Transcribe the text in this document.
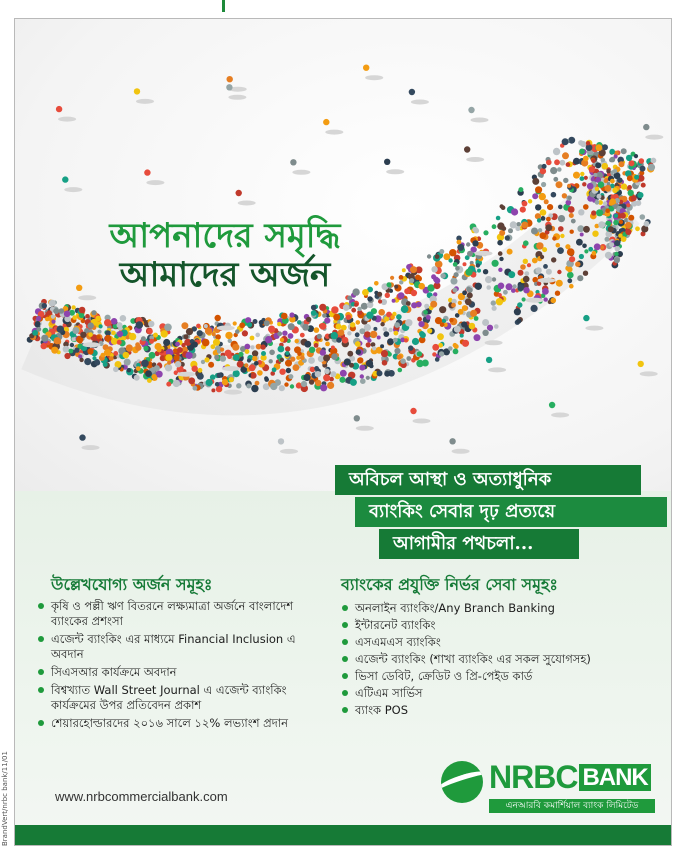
আপনাদের সমৃদ্ধি
আমাদের অর্জন
অবিচল আস্থা ও অত্যাধুনিক
ব্যাংকিং সেবার দৃঢ় প্রত্যয়ে
আগামীর পথচলা...
উল্লেখযোগ্য অর্জন সমূহঃ
কৃষি ও পল্লী ঋণ বিতরনে লক্ষ্যমাত্রা অর্জনে বাংলাদেশ ব্যাংকের প্রশংসা
এজেন্ট ব্যাংকিং এর মাধ্যমে Financial Inclusion এ অবদান
সিএসআর কার্যক্রমে অবদান
বিশ্বখ্যাত Wall Street Journal এ এজেন্ট ব্যাংকিং কার্যক্রমের উপর প্রতিবেদন প্রকাশ
শেয়ারহোল্ডারদের ২০১৬ সালে ১২% লভ্যাংশ প্রদান
ব্যাংকের প্রযুক্তি নির্ভর সেবা সমূহঃ
অনলাইন ব্যাংকিং/Any Branch Banking
ইন্টারনেট ব্যাংকিং
এসএমএস ব্যাংকিং
এজেন্ট ব্যাংকিং (শাখা ব্যাংকিং এর সকল সুযোগসহ)
ভিসা ডেবিট, ক্রেডিট ও প্রি-পেইড কার্ড
এটিএম সার্ভিস
ব্যাংক POS
www.nrbcommercialbank.com
NRBC BANK
এনআরবি কমার্শিয়াল ব্যাংক লিমিটেড
BrandVert/nrbc bank/11/01
